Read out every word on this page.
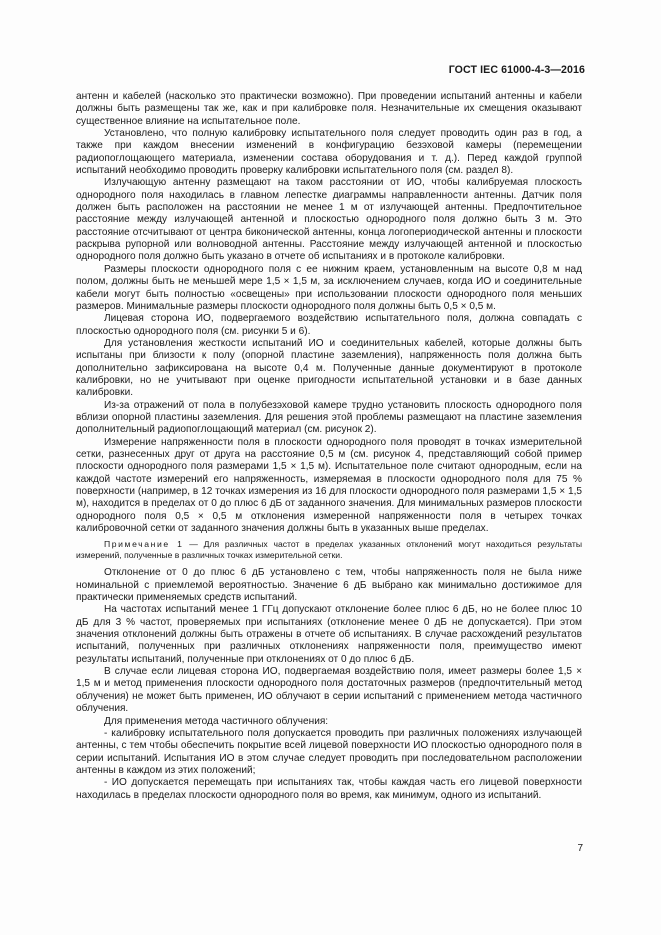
ГОСТ IEC 61000-4-3—2016

антенн и кабелей (насколько это практически возможно). При проведении испытаний антенны и кабели должны быть размещены так же, как и при калибровке поля. Незначительные их смещения оказывают существенное влияние на испытательное поле.

Установлено, что полную калибровку испытательного поля следует проводить один раз в год, а также при каждом внесении изменений в конфигурацию безэховой камеры (перемещении радиопоглощающего материала, изменении состава оборудования и т. д.). Перед каждой группой испытаний необходимо проводить проверку калибровки испытательного поля (см. раздел 8).

Излучающую антенну размещают на таком расстоянии от ИО, чтобы калибруемая плоскость однородного поля находилась в главном лепестке диаграммы направленности антенны. Датчик поля должен быть расположен на расстоянии не менее 1 м от излучающей антенны. Предпочтительное расстояние между излучающей антенной и плоскостью однородного поля должно быть 3 м. Это расстояние отсчитывают от центра биконической антенны, конца логопериодической антенны и плоскости раскрыва рупорной или волноводной антенны. Расстояние между излучающей антенной и плоскостью однородного поля должно быть указано в отчете об испытаниях и в протоколе калибровки.

Размеры плоскости однородного поля с ее нижним краем, установленным на высоте 0,8 м над полом, должны быть не меньшей мере 1,5 × 1,5 м, за исключением случаев, когда ИО и соединительные кабели могут быть полностью «освещены» при использовании плоскости однородного поля меньших размеров. Минимальные размеры плоскости однородного поля должны быть 0,5 × 0,5 м.

Лицевая сторона ИО, подвергаемого воздействию испытательного поля, должна совпадать с плоскостью однородного поля (см. рисунки 5 и 6).

Для установления жесткости испытаний ИО и соединительных кабелей, которые должны быть испытаны при близости к полу (опорной пластине заземления), напряженность поля должна быть дополнительно зафиксирована на высоте 0,4 м. Полученные данные документируют в протоколе калибровки, но не учитывают при оценке пригодности испытательной установки и в базе данных калибровки.

Из-за отражений от пола в полубезэховой камере трудно установить плоскость однородного поля вблизи опорной пластины заземления. Для решения этой проблемы размещают на пластине заземления дополнительный радиопоглощающий материал (см. рисунок 2).

Измерение напряженности поля в плоскости однородного поля проводят в точках измерительной сетки, разнесенных друг от друга на расстояние 0,5 м (см. рисунок 4, представляющий собой пример плоскости однородного поля размерами 1,5 × 1,5 м). Испытательное поле считают однородным, если на каждой частоте измерений его напряженность, измеряемая в плоскости однородного поля для 75 % поверхности (например, в 12 точках измерения из 16 для плоскости однородного поля размерами 1,5 × 1,5 м), находится в пределах от 0 до плюс 6 дБ от заданного значения. Для минимальных размеров плоскости однородного поля 0,5 × 0,5 м отклонения измеренной напряженности поля в четырех точках калибровочной сетки от заданного значения должны быть в указанных выше пределах.

Примечание 1 — Для различных частот в пределах указанных отклонений могут находиться результаты измерений, полученные в различных точках измерительной сетки.

Отклонение от 0 до плюс 6 дБ установлено с тем, чтобы напряженность поля не была ниже номинальной с приемлемой вероятностью. Значение 6 дБ выбрано как минимально достижимое для практически применяемых средств испытаний.

На частотах испытаний менее 1 ГГц допускают отклонение более плюс 6 дБ, но не более плюс 10 дБ для 3 % частот, проверяемых при испытаниях (отклонение менее 0 дБ не допускается). При этом значения отклонений должны быть отражены в отчете об испытаниях. В случае расхождений результатов испытаний, полученных при различных отклонениях напряженности поля, преимущество имеют результаты испытаний, полученные при отклонениях от 0 до плюс 6 дБ.

В случае если лицевая сторона ИО, подвергаемая воздействию поля, имеет размеры более 1,5 × 1,5 м и метод применения плоскости однородного поля достаточных размеров (предпочтительный метод облучения) не может быть применен, ИО облучают в серии испытаний с применением метода частичного облучения.

Для применения метода частичного облучения:

- калибровку испытательного поля допускается проводить при различных положениях излучающей антенны, с тем чтобы обеспечить покрытие всей лицевой поверхности ИО плоскостью однородного поля в серии испытаний. Испытания ИО в этом случае следует проводить при последовательном расположении антенны в каждом из этих положений;

- ИО допускается перемещать при испытаниях так, чтобы каждая часть его лицевой поверхности находилась в пределах плоскости однородного поля во время, как минимум, одного из испытаний.

7
